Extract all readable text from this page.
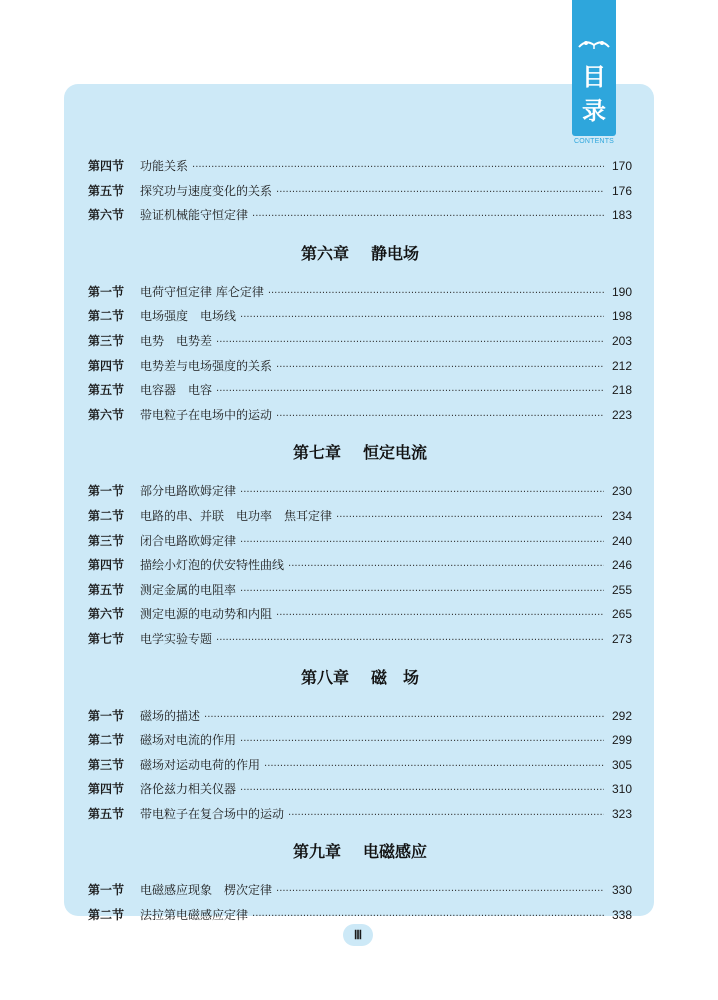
目
录
CONTENTS
第四节	功能关系 ·····	170
第五节	探究功与速度变化的关系 ·····	176
第六节	验证机械能守恒定律 ·····	183
第六章 静电场
第一节	电荷守恒定律 库仑定律 ·····	190
第二节	电场强度　电场线 ·····	198
第三节	电势　电势差 ·····	203
第四节	电势差与电场强度的关系 ·····	212
第五节	电容器　电容 ·····	218
第六节	带电粒子在电场中的运动 ·····	223
第七章 恒定电流
第一节	部分电路欧姆定律 ·····	230
第二节	电路的串、并联　电功率　焦耳定律 ·····	234
第三节	闭合电路欧姆定律 ·····	240
第四节	描绘小灯泡的伏安特性曲线 ·····	246
第五节	测定金属的电阻率 ·····	255
第六节	测定电源的电动势和内阻 ·····	265
第七节	电学实验专题 ·····	273
第八章 磁　场
第一节	磁场的描述 ·····	292
第二节	磁场对电流的作用 ·····	299
第三节	磁场对运动电荷的作用 ·····	305
第四节	洛伦兹力相关仪器 ·····	310
第五节	带电粒子在复合场中的运动 ·····	323
第九章 电磁感应
第一节	电磁感应现象　楞次定律 ·····	330
第二节	法拉第电磁感应定律 ·····	338
Ⅲ
